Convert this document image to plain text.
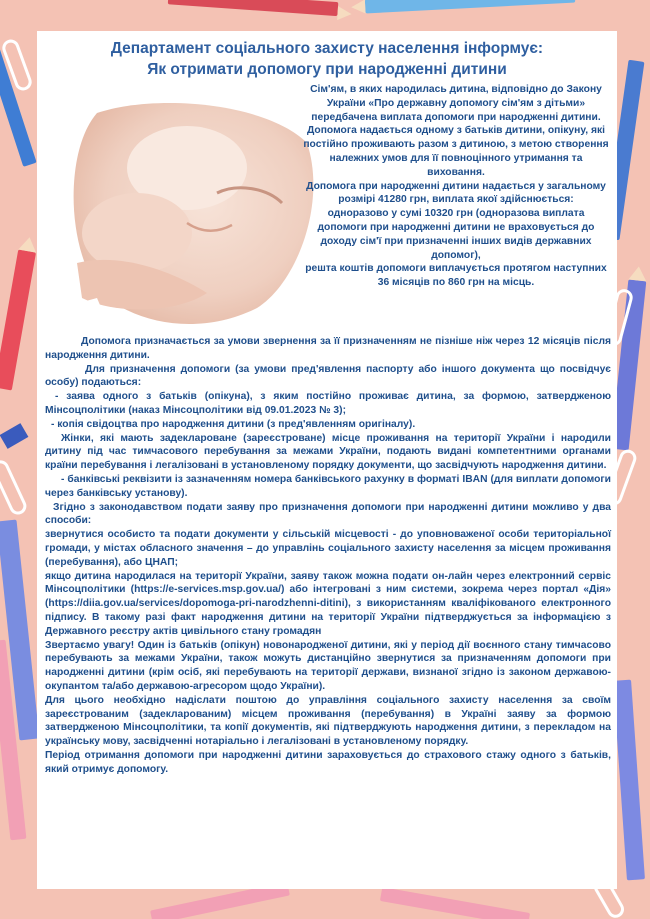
Департамент соціального захисту населення інформує:
Як отримати допомогу при народженні дитини

Сім'ям, в яких народилась дитина, відповідно до Закону України «Про державну допомогу сім'ям з дітьми» передбачена виплата допомоги при народженні дитини.

Допомога надається одному з батьків дитини, опікуну, які постійно проживають разом з дитиною, з метою створення належних умов для її повноцінного утримання та виховання.

Допомога при народженні дитини надається у загальному розмірі 41280 грн, виплата якої здійснюється:

одноразово у сумі 10320 грн (одноразова виплата допомоги при народженні дитини не враховується до доходу сім'ї при призначенні інших видів державних допомог),

решта коштів допомоги виплачується протягом наступних 36 місяців по 860 грн на місць.

Допомога призначається за умови звернення за її призначенням не пізніше ніж через 12 місяців після народження дитини.

Для призначення допомоги (за умови пред'явлення паспорту або іншого документа що посвідчує особу) подаються:

- заява одного з батьків (опікуна), з яким постійно проживає дитина, за формою, затвердженою Мінсоцполітики (наказ Мінсоцполітики від 09.01.2023 № 3);

- копія свідоцтва про народження дитини (з пред'явленням оригіналу).

Жінки, які мають задекларованe (зареєстроване) місце проживання на території України і народили дитину під час тимчасового перебування за межами України, подають видані компетентними органами країни перебування і легалізовані в установленому порядку документи, що засвідчують народження дитини.

- банківські реквізити із зазначенням номера банківського рахунку в форматі IBAN (для виплати допомоги через банківську установу).

Згідно з законодавством подати заяву про призначення допомоги при народженні дитини можливо у два способи:

звернутися особисто та подати документи у сільській місцевості - до уповноваженої особи територіальної громади, у містах обласного значення – до управлінь соціального захисту населення за місцем проживання (перебування), або ЦНАП;

якщо дитина народилася на території України, заяву також можна подати он-лайн через електронний сервіс Мінсоцполітики (https://e-services.msp.gov.ua/) або інтегровані з ним системи, зокрема через портал «Дія» (https://diia.gov.ua/services/dopomoga-pri-narodzhenni-ditini), з використанням кваліфікованого електронного підпису. В такому разі факт народження дитини на території України підтверджується за інформацією з Державного реєстру актів цивільного стану громадян

Звертаємо увагу! Один із батьків (опікун) новонародженої дитини, які у період дії воєнного стану тимчасово перебувають за межами України, також можуть дистанційно звернутися за призначенням допомоги при народженні дитини (крім осіб, які перебувають на території держави, визнаної згідно із законом державою-окупантом та/або державою-агресором щодо України).

Для цього необхідно надіслати поштою до управління соціального захисту населення за своїм зареєстрованим (задекларованим) місцем проживання (перебування) в Україні заяву за формою затвердженою Мінсоцполітики, та копії документів, які підтверджують народження дитини, з перекладом на українську мову, засвідченні нотаріально і легалізовані в установленому порядку.

Період отримання допомоги при народженні дитини зараховується до страхового стажу одного з батьків, який отримує допомогу.
